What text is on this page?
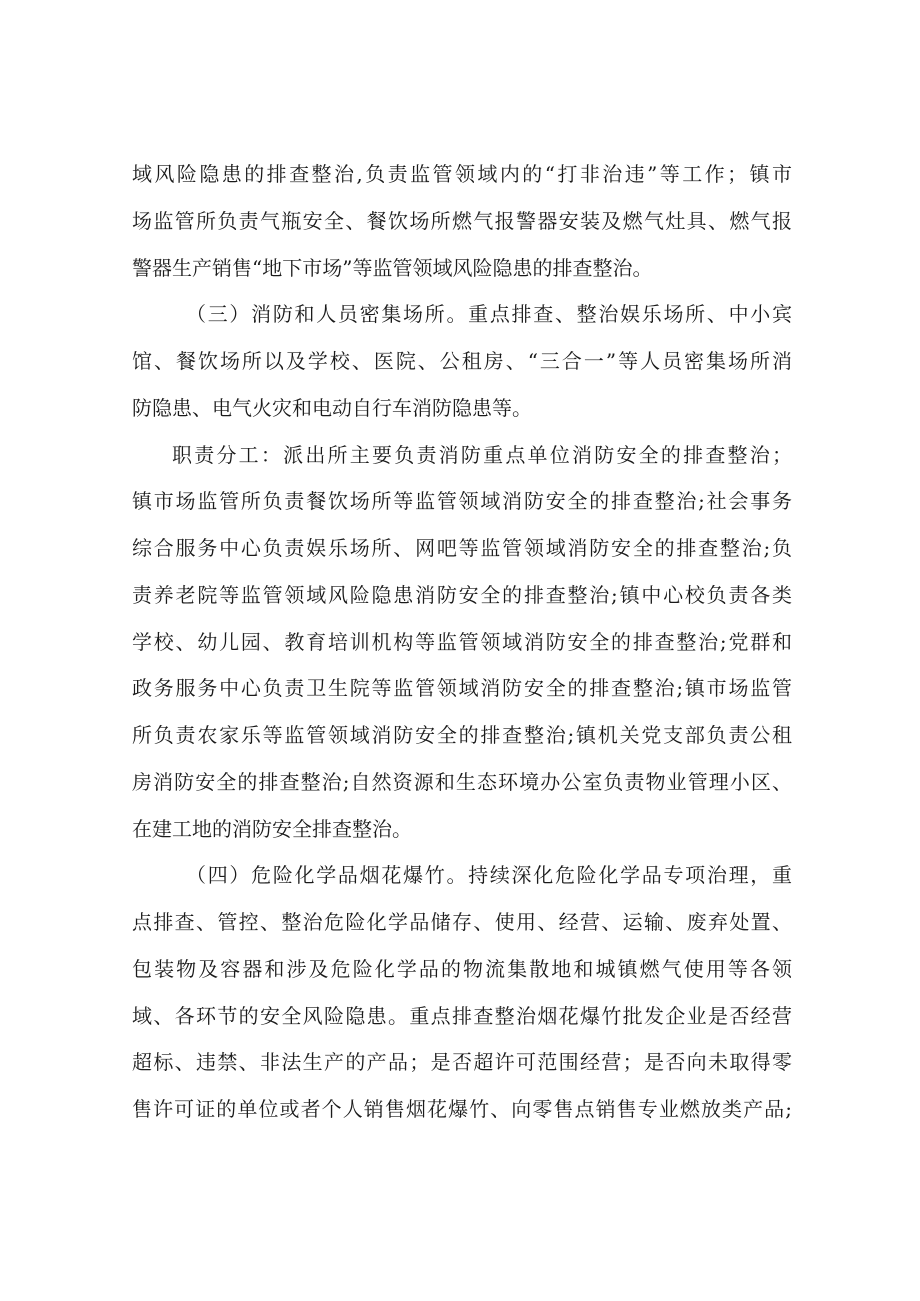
域风险隐患的排查整治,负责监管领域内的“打非治违”等工作；镇市
场监管所负责气瓶安全、餐饮场所燃气报警器安装及燃气灶具、燃气报
警器生产销售“地下市场”等监管领域风险隐患的排查整治。
（三）消防和人员密集场所。重点排查、整治娱乐场所、中小宾
馆、餐饮场所以及学校、医院、公租房、“三合一”等人员密集场所消
防隐患、电气火灾和电动自行车消防隐患等。
职责分工：派出所主要负责消防重点单位消防安全的排查整治；
镇市场监管所负责餐饮场所等监管领域消防安全的排查整治;社会事务
综合服务中心负责娱乐场所、网吧等监管领域消防安全的排查整治;负
责养老院等监管领域风险隐患消防安全的排查整治;镇中心校负责各类
学校、幼儿园、教育培训机构等监管领域消防安全的排查整治;党群和
政务服务中心负责卫生院等监管领域消防安全的排查整治;镇市场监管
所负责农家乐等监管领域消防安全的排查整治;镇机关党支部负责公租
房消防安全的排查整治;自然资源和生态环境办公室负责物业管理小区、
在建工地的消防安全排查整治。
（四）危险化学品烟花爆竹。持续深化危险化学品专项治理，重
点排查、管控、整治危险化学品储存、使用、经营、运输、废弃处置、
包装物及容器和涉及危险化学品的物流集散地和城镇燃气使用等各领
域、各环节的安全风险隐患。重点排查整治烟花爆竹批发企业是否经营
超标、违禁、非法生产的产品；是否超许可范围经营；是否向未取得零
售许可证的单位或者个人销售烟花爆竹、向零售点销售专业燃放类产品;
